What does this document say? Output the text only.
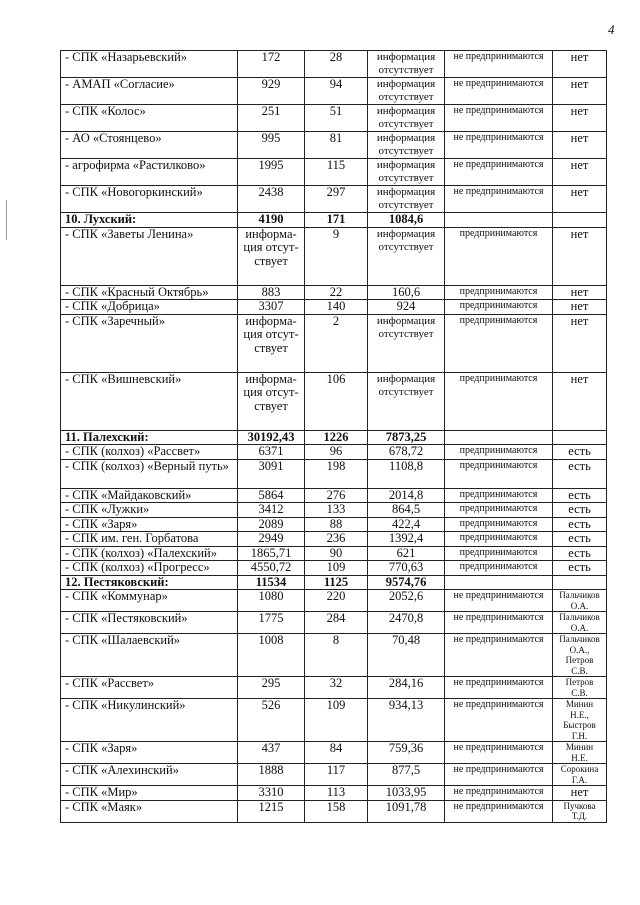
4
- СПК «Назарьевский»	172	28	информация отсутствует	не предпринимаются	нет
- АМАП «Согласие»	929	94	информация отсутствует	не предпринимаются	нет
- СПК «Колос»	251	51	информация отсутствует	не предпринимаются	нет
- АО «Стоянцево»	995	81	информация отсутствует	не предпринимаются	нет
- агрофирма «Растилково»	1995	115	информация отсутствует	не предпринимаются	нет
- СПК «Новогоркинский»	2438	297	информация отсутствует	не предпринимаются	нет
10. Лухский:	4190	171	1084,6		
- СПК «Заветы Ленина»	информа-ция отсут-ствует	9	информация отсутствует	предпринимаются	нет
- СПК «Красный Октябрь»	883	22	160,6	предпринимаются	нет
- СПК «Добрица»	3307	140	924	предпринимаются	нет
- СПК «Заречный»	информа-ция отсут-ствует	2	информация отсутствует	предпринимаются	нет
- СПК «Вишневский»	информа-ция отсут-ствует	106	информация отсутствует	предпринимаются	нет
11. Палехский:	30192,43	1226	7873,25		
- СПК (колхоз) «Рассвет»	6371	96	678,72	предпринимаются	есть
- СПК (колхоз) «Верный путь»	3091	198	1108,8	предпринимаются	есть
- СПК «Майдаковский»	5864	276	2014,8	предпринимаются	есть
- СПК «Лужки»	3412	133	864,5	предпринимаются	есть
- СПК «Заря»	2089	88	422,4	предпринимаются	есть
- СПК им. ген. Горбатова	2949	236	1392,4	предпринимаются	есть
- СПК (колхоз) «Палехский»	1865,71	90	621	предпринимаются	есть
- СПК (колхоз) «Прогресс»	4550,72	109	770,63	предпринимаются	есть
12. Пестяковский:	11534	1125	9574,76		
- СПК «Коммунар»	1080	220	2052,6	не предпринимаются	Пальчиков О.А.
- СПК «Пестяковский»	1775	284	2470,8	не предпринимаются	Пальчиков О.А.
- СПК «Шалаевский»	1008	8	70,48	не предпринимаются	Пальчиков О.А., Петров С.В.
- СПК «Рассвет»	295	32	284,16	не предпринимаются	Петров С.В.
- СПК «Никулинский»	526	109	934,13	не предпринимаются	Минин Н.Е., Быстров Г.Н.
- СПК «Заря»	437	84	759,36	не предпринимаются	Минин Н.Е.
- СПК «Алехинский»	1888	117	877,5	не предпринимаются	Сорокина Г.А.
- СПК «Мир»	3310	113	1033,95	не предпринимаются	нет
- СПК «Маяк»	1215	158	1091,78	не предпринимаются	Пучкова Т.Д.
